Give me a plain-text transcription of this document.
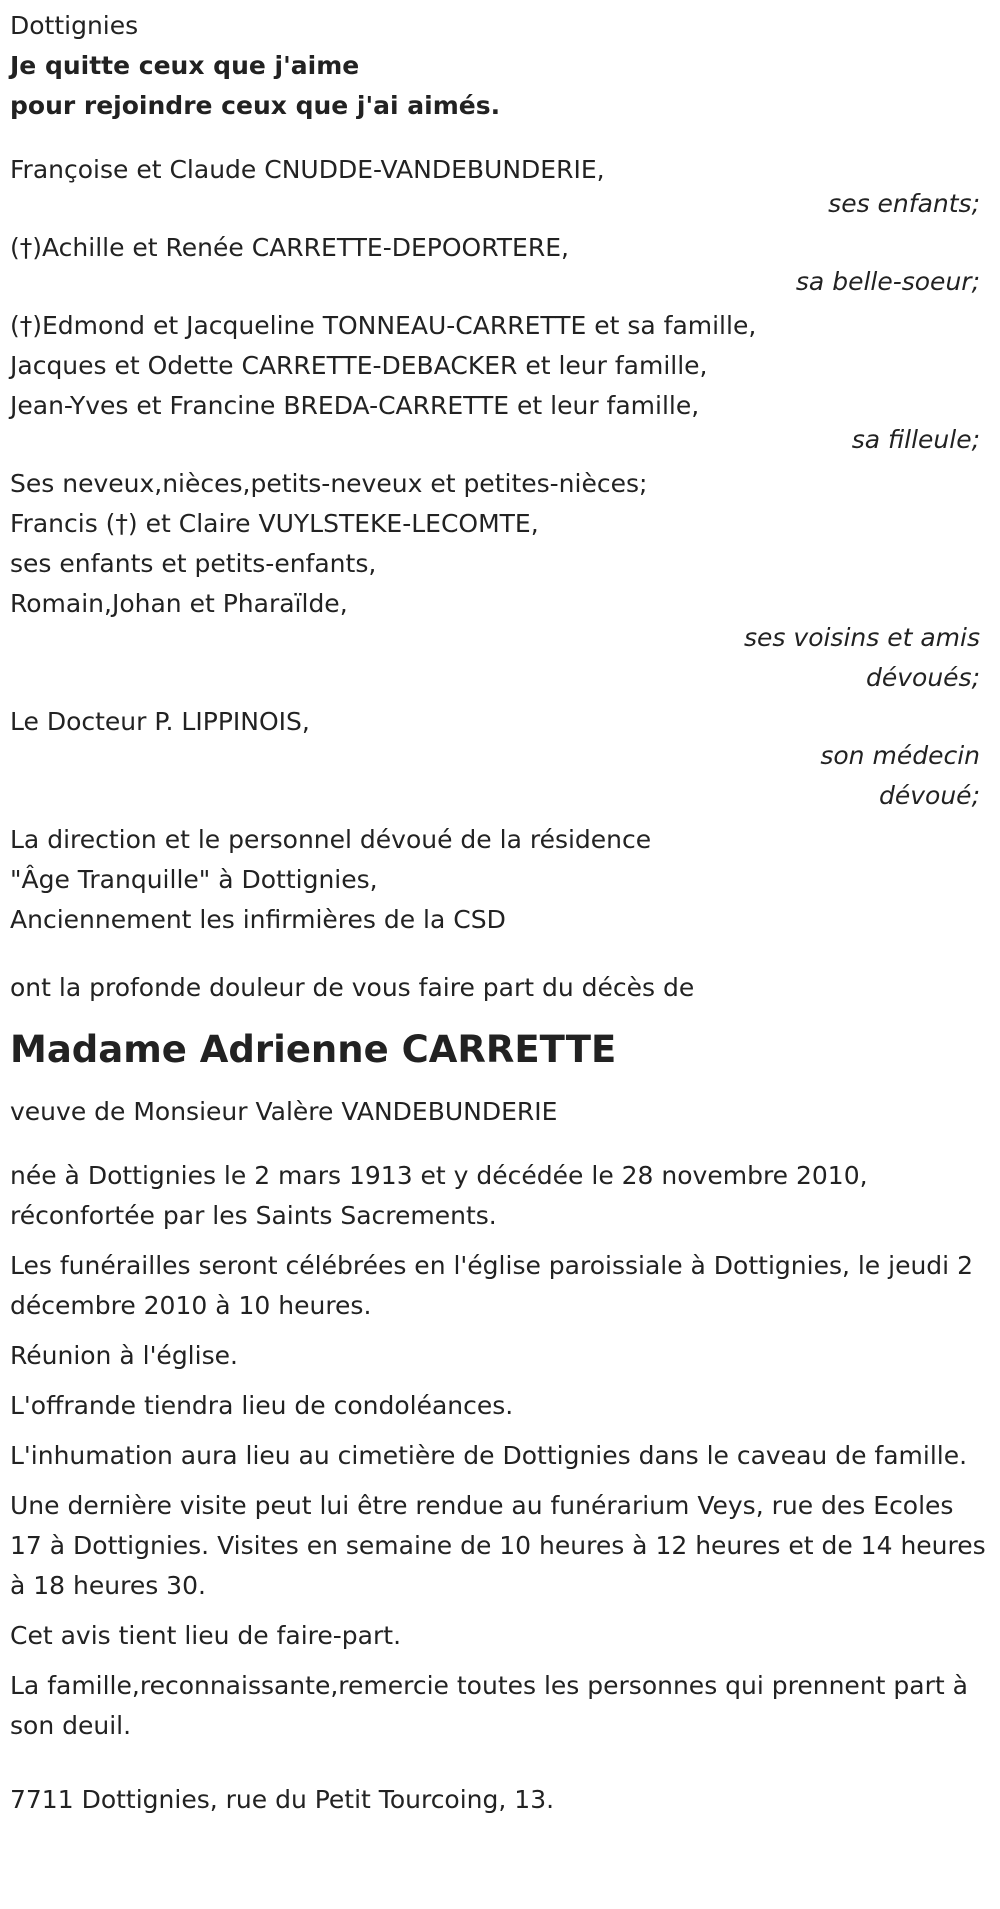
Dottignies
Je quitte ceux que j'aime
pour rejoindre ceux que j'ai aimés.
Françoise et Claude CNUDDE-VANDEBUNDERIE,
ses enfants;
(†)Achille et Renée CARRETTE-DEPOORTERE,
sa belle-soeur;
(†)Edmond et Jacqueline TONNEAU-CARRETTE et sa famille,
Jacques et Odette CARRETTE-DEBACKER et leur famille,
Jean-Yves et Francine BREDA-CARRETTE et leur famille,
sa filleule;
Ses neveux,nièces,petits-neveux et petites-nièces;
Francis (†) et Claire VUYLSTEKE-LECOMTE,
ses enfants et petits-enfants,
Romain,Johan et Pharaïlde,
ses voisins et amis
dévoués;
Le Docteur P. LIPPINOIS,
son médecin
dévoué;
La direction et le personnel dévoué de la résidence
"Âge Tranquille" à Dottignies,
Anciennement les infirmières de la CSD
ont la profonde douleur de vous faire part du décès de
Madame Adrienne CARRETTE
veuve de Monsieur Valère VANDEBUNDERIE
née à Dottignies le 2 mars 1913 et y décédée le 28 novembre 2010, réconfortée par les Saints Sacrements.
Les funérailles seront célébrées en l'église paroissiale à Dottignies, le jeudi 2 décembre 2010 à 10 heures.
Réunion à l'église.
L'offrande tiendra lieu de condoléances.
L'inhumation aura lieu au cimetière de Dottignies dans le caveau de famille.
Une dernière visite peut lui être rendue au funérarium Veys, rue des Ecoles 17 à Dottignies. Visites en semaine de 10 heures à 12 heures et de 14 heures à 18 heures 30.
Cet avis tient lieu de faire-part.
La famille,reconnaissante,remercie toutes les personnes qui prennent part à son deuil.
7711 Dottignies, rue du Petit Tourcoing, 13.
